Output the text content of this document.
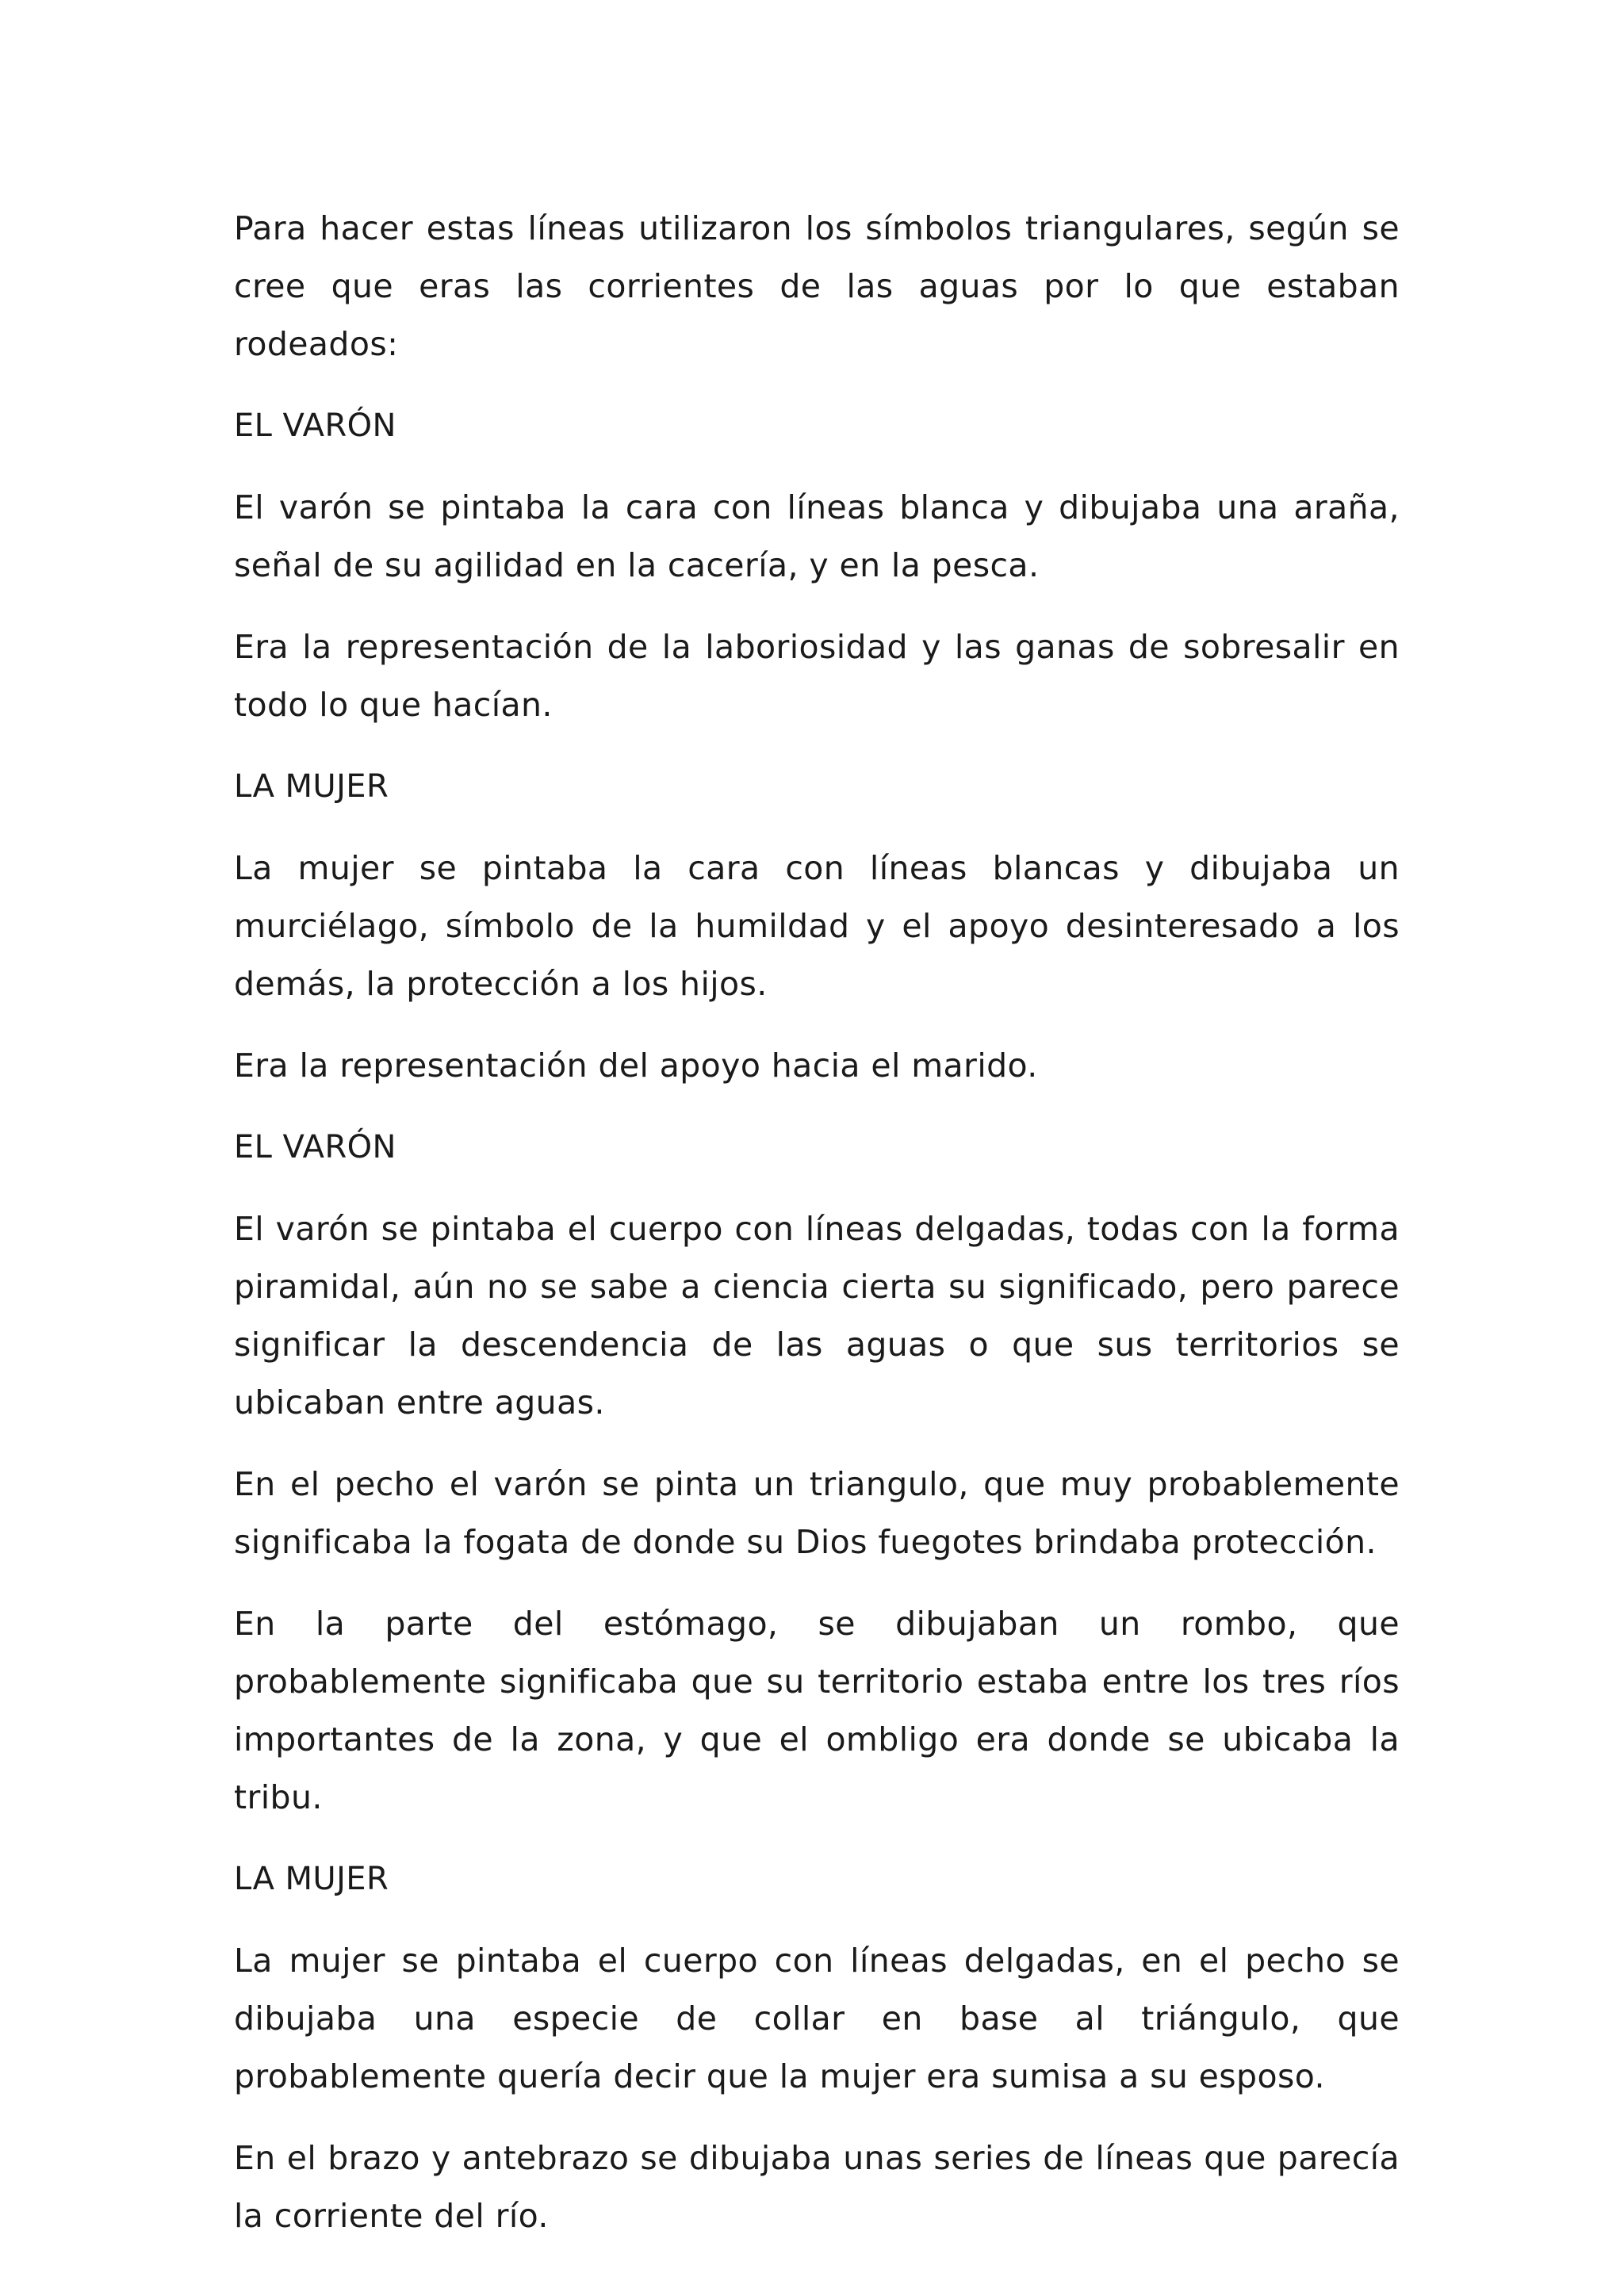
Para hacer estas líneas utilizaron los símbolos triangulares, según se cree que eras las corrientes de las aguas por lo que estaban rodeados:

EL VARÓN

El varón se pintaba la cara con líneas blanca y dibujaba una araña, señal de su agilidad en la cacería, y en la pesca.

Era la representación de la laboriosidad y las ganas de sobresalir en todo lo que hacían.

LA MUJER

La mujer se pintaba la cara con líneas blancas y dibujaba un murciélago, símbolo de la humildad y el apoyo desinteresado a los demás, la protección a los hijos.

Era la representación del apoyo hacia el marido.

EL VARÓN

El varón se pintaba el cuerpo con líneas delgadas, todas con la forma piramidal, aún no se sabe a ciencia cierta su significado, pero parece significar la descendencia de las aguas o que sus territorios se ubicaban entre aguas.

En el pecho el varón se pinta un triangulo, que muy probablemente significaba la fogata de donde su Dios fuegotes brindaba protección.

En la parte del estómago, se dibujaban un rombo, que probablemente significaba que su territorio estaba entre los tres ríos importantes de la zona, y que el ombligo era donde se ubicaba la tribu.

LA MUJER

La mujer se pintaba el cuerpo con líneas delgadas, en el pecho se dibujaba una especie de collar en base al triángulo, que probablemente quería decir que la mujer era sumisa a su esposo.

En el brazo y antebrazo se dibujaba unas series de líneas que parecía la corriente del río.
